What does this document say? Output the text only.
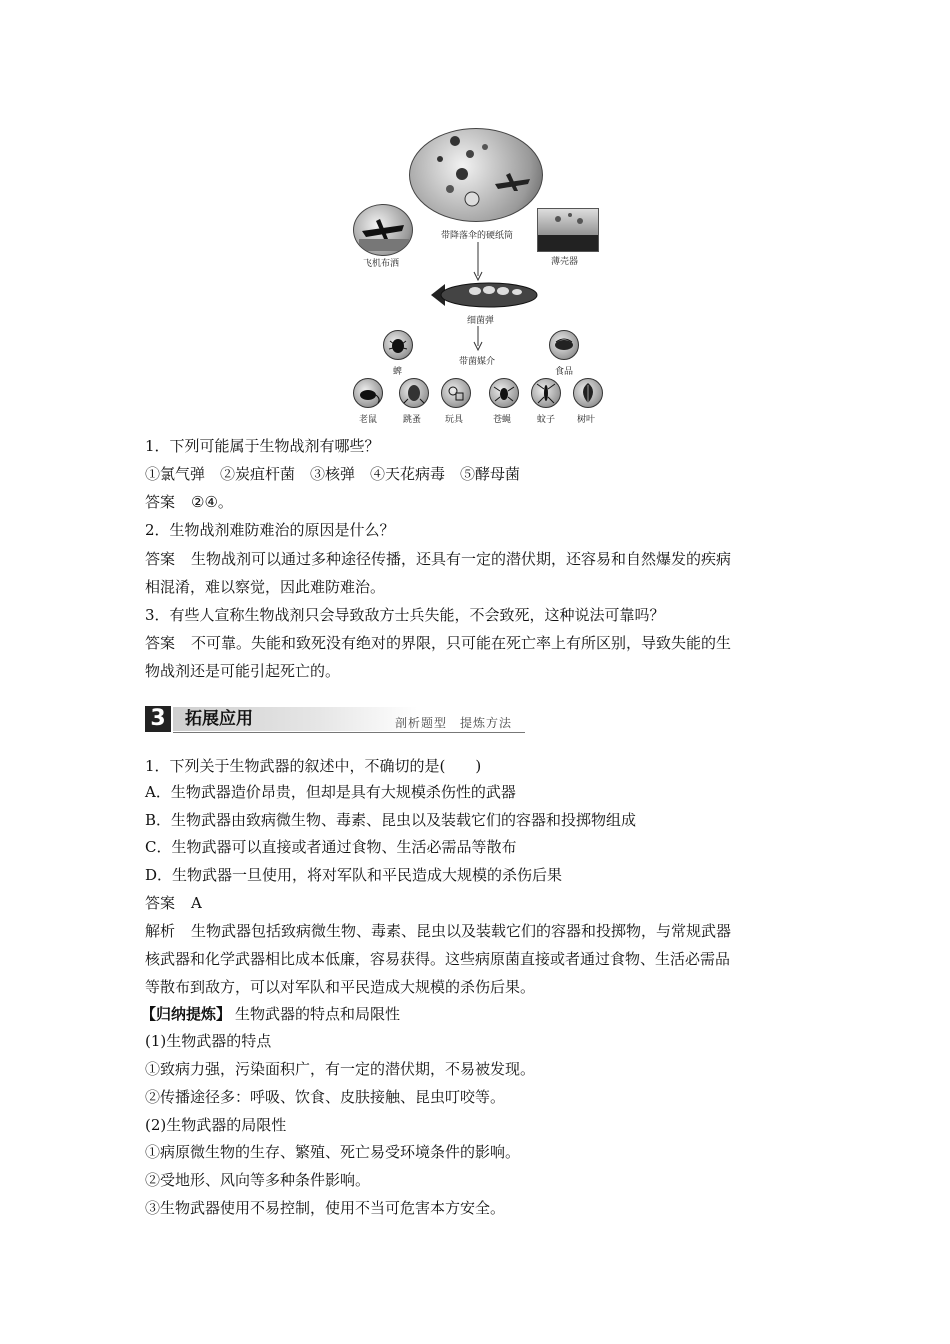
带降落伞的硬纸筒
飞机布洒	薄壳器
细菌弹
带菌媒介
蜱	食品
老鼠	跳蚤	玩具	苍蝇	蚊子 树叶
1．下列可能属于生物战剂有哪些？
①氯气弹　②炭疽杆菌　③核弹　④天花病毒　⑤酵母菌
答案 ②④。
2．生物战剂难防难治的原因是什么？
答案 生物战剂可以通过多种途径传播，还具有一定的潜伏期，还容易和自然爆发的疾病
相混淆，难以察觉，因此难防难治。
3．有些人宣称生物战剂只会导致敌方士兵失能，不会致死，这种说法可靠吗？
答案 不可靠。失能和致死没有绝对的界限，只可能在死亡率上有所区别，导致失能的生
物战剂还是可能引起死亡的。
3	拓展应用	剖析题型　提炼方法
1．下列关于生物武器的叙述中，不确切的是(　　)
A．生物武器造价昂贵，但却是具有大规模杀伤性的武器
B．生物武器由致病微生物、毒素、昆虫以及装载它们的容器和投掷物组成
C．生物武器可以直接或者通过食物、生活必需品等散布
D．生物武器一旦使用，将对军队和平民造成大规模的杀伤后果
答案 A
解析 生物武器包括致病微生物、毒素、昆虫以及装载它们的容器和投掷物，与常规武器
核武器和化学武器相比成本低廉，容易获得。这些病原菌直接或者通过食物、生活必需品
等散布到敌方，可以对军队和平民造成大规模的杀伤后果。
【归纳提炼】 生物武器的特点和局限性
(1)生物武器的特点
①致病力强，污染面积广，有一定的潜伏期，不易被发现。
②传播途径多：呼吸、饮食、皮肤接触、昆虫叮咬等。
(2)生物武器的局限性
①病原微生物的生存、繁殖、死亡易受环境条件的影响。
②受地形、风向等多种条件影响。
③生物武器使用不易控制，使用不当可危害本方安全。
